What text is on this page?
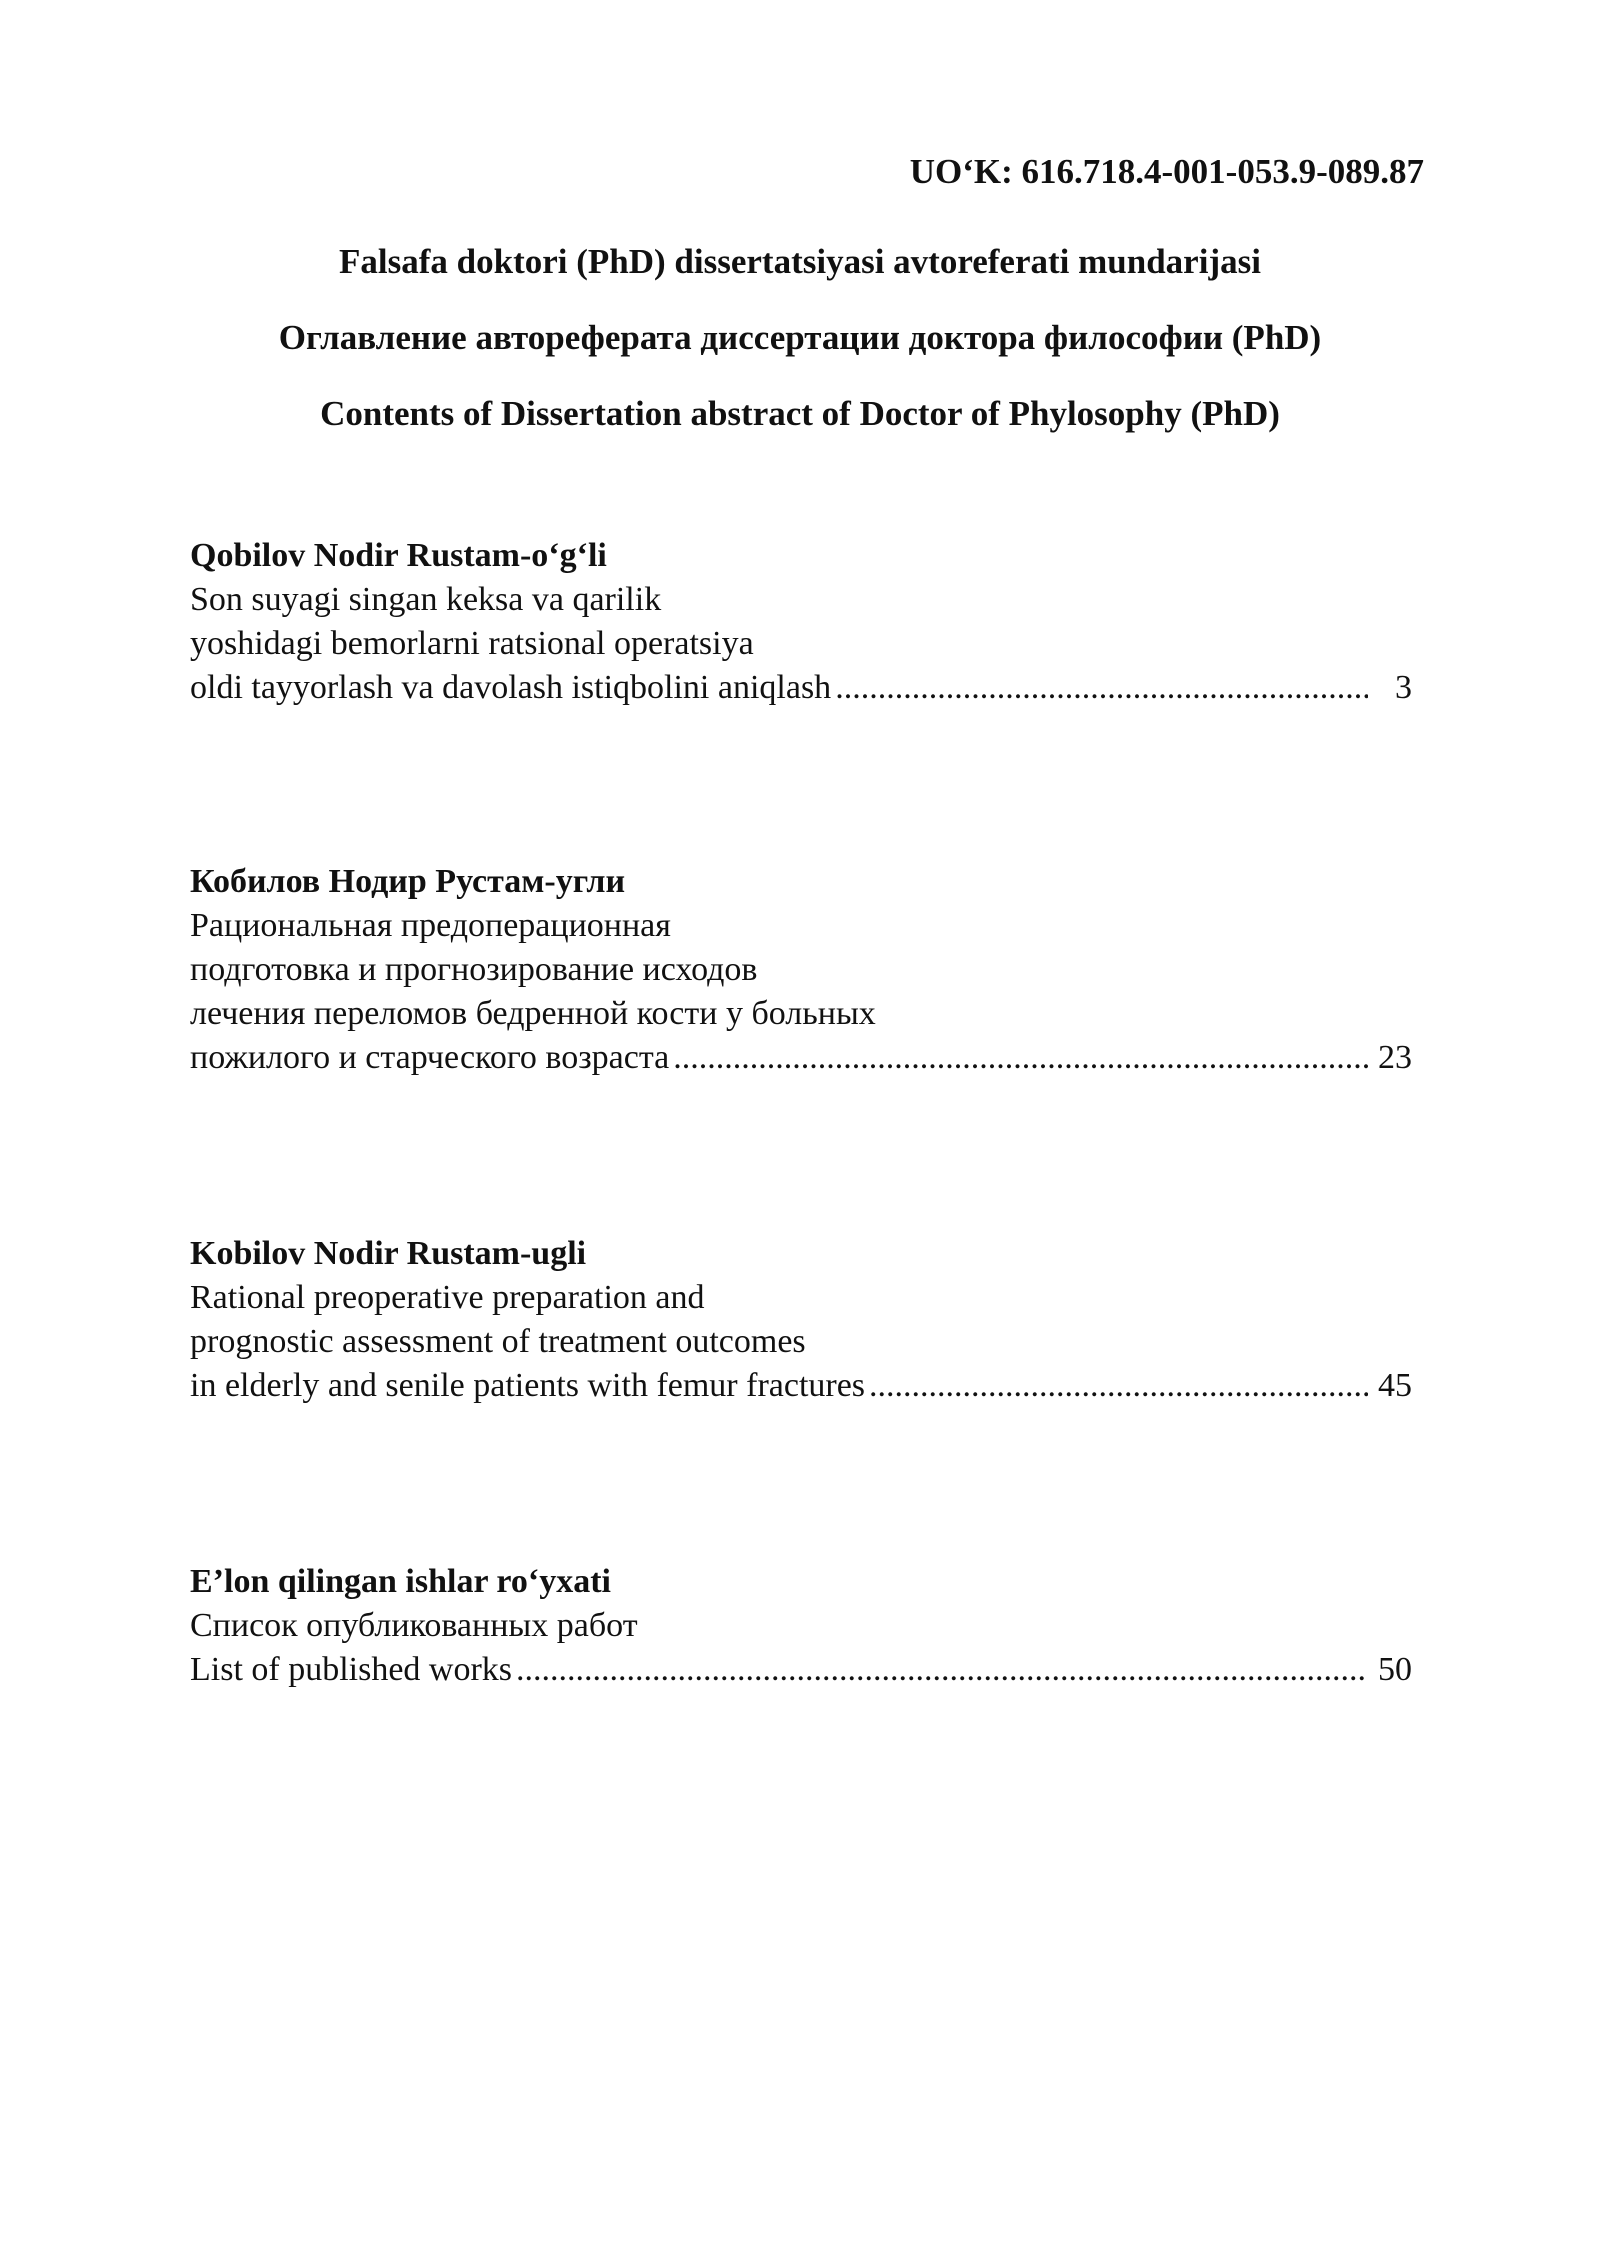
UO‘K: 616.718.4-001-053.9-089.87
Falsafa doktori (PhD) dissertatsiyasi avtoreferati mundarijasi
Оглавление автореферата диссертации доктора философии (PhD)
Contents of Dissertation abstract of Doctor of Phylosophy (PhD)
Qobilov Nodir Rustam-o‘g‘li
Son suyagi singan keksa va qarilik
yoshidagi bemorlarni ratsional operatsiya
oldi tayyorlash va davolash istiqbolini aniqlash .....	3
Кобилов Нодир Рустам-угли
Рациональная предоперационная
подготовка и прогнозирование исходов
лечения переломов бедренной кости у больных
пожилого и старческого возраста .....	23
Kobilov Nodir Rustam-ugli
Rational preoperative preparation and
prognostic assessment of treatment outcomes
in elderly and senile patients with femur fractures .....	45
E’lon qilingan ishlar ro‘yxati
Список опубликованных работ
List of published works .....	50
